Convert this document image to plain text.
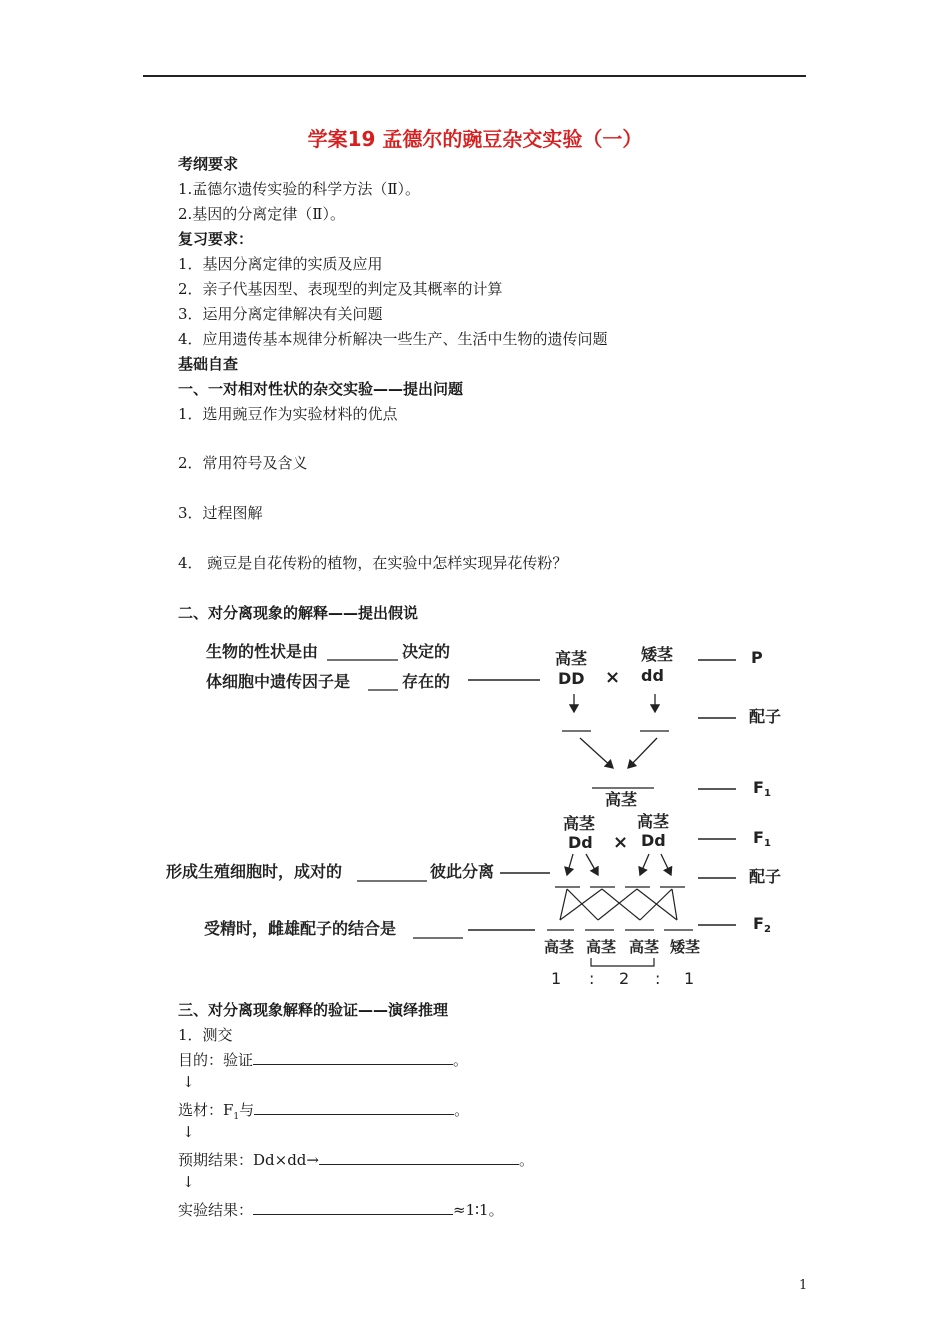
学案19 孟德尔的豌豆杂交实验（一）
考纲要求
1.孟德尔遗传实验的科学方法（Ⅱ）。
2.基因的分离定律（Ⅱ）。
复习要求：
1．基因分离定律的实质及应用
2．亲子代基因型、表现型的判定及其概率的计算
3．运用分离定律解决有关问题
4．应用遗传基本规律分析解决一些生产、生活中生物的遗传问题
基础自查
一、一对相对性状的杂交实验——提出问题
1．选用豌豆作为实验材料的优点
2．常用符号及含义
3．过程图解
4． 豌豆是自花传粉的植物，在实验中怎样实现异花传粉？
二、对分离现象的解释——提出假说
生物的性状是由	决定的
体细胞中遗传因子是	存在的
高茎
DD ×
矮茎
dd
P
配子
高茎
F1
高茎
Dd ×
高茎
Dd	F1
形成生殖细胞时，成对的	彼此分离	配子
受精时，雌雄配子的结合是	F2
高茎 高茎 高茎 矮茎
1 : 2 : 1
三、对分离现象解释的验证——演绎推理
1．测交
目的：验证	。
↓
选材：$F_1$与	。
↓
预期结果：Dd×dd→	。
↓
实验结果：	≈1∶1。
1
